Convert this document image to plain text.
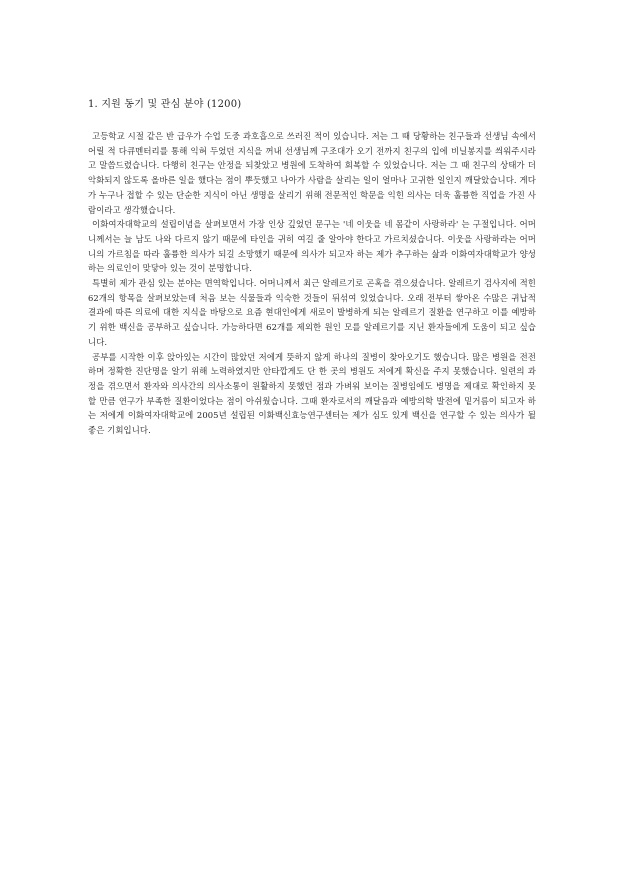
1. 지원 동기 및 관심 분야 (1200)

고등학교 시절 같은 반 급우가 수업 도중 과호흡으로 쓰러진 적이 있습니다. 저는 그 때 당황하는 친구들과 선생님 속에서 어릴 적 다큐멘터리를 통해 익혀 두었던 지식을 꺼내 선생님께 구조대가 오기 전까지 친구의 입에 비닐봉지를 씌워주시라고 말씀드렸습니다. 다행히 친구는 안정을 되찾았고 병원에 도착하여 회복할 수 있었습니다. 저는 그 때 친구의 상태가 더 악화되지 않도록 올바른 일을 했다는 점이 뿌듯했고 나아가 사람을 살리는 일이 얼마나 고귀한 일인지 깨달았습니다. 게다가 누구나 접할 수 있는 단순한 지식이 아닌 생명을 살리기 위해 전문적인 학문을 익힌 의사는 더욱 훌륭한 직업을 가진 사람이라고 생각했습니다.

이화여자대학교의 설립이념을 살펴보면서 가장 인상 깊었던 문구는 '네 이웃을 네 몸같이 사랑하라' 는 구절입니다. 어머니께서는 늘 남도 나와 다르지 않기 때문에 타인을 귀히 여길 줄 알아야 한다고 가르치셨습니다. 이웃을 사랑하라는 어머니의 가르침을 따라 훌륭한 의사가 되길 소망했기 때문에 의사가 되고자 하는 제가 추구하는 삶과 이화여자대학교가 양성하는 의료인이 맞닿아 있는 것이 분명합니다.

특별히 제가 관심 있는 분야는 면역학입니다. 어머니께서 최근 알레르기로 곤혹을 겪으셨습니다. 알레르기 검사지에 적힌 62개의 항목을 살펴보았는데 처음 보는 식물들과 익숙한 것들이 뒤섞여 있었습니다. 오래 전부터 쌓아온 수많은 귀납적 결과에 따른 의료에 대한 지식을 바탕으로 요즘 현대인에게 새로이 발병하게 되는 알레르기 질환을 연구하고 이를 예방하기 위한 백신을 공부하고 싶습니다. 가능하다면 62개를 제외한 원인 모를 알레르기를 지닌 환자들에게 도움이 되고 싶습니다.

공부를 시작한 이후 앉아있는 시간이 많았던 저에게 뜻하지 않게 하나의 질병이 찾아오기도 했습니다. 많은 병원을 전전하며 정확한 진단명을 알기 위해 노력하였지만 안타깝게도 단 한 곳의 병원도 저에게 확신을 주지 못했습니다. 일련의 과정을 겪으면서 환자와 의사간의 의사소통이 원활하지 못했던 점과 가벼워 보이는 질병임에도 병명을 제대로 확인하지 못할 만큼 연구가 부족한 질환이었다는 점이 아쉬웠습니다. 그때 환자로서의 깨달음과 예방의학 발전에 밑거름이 되고자 하는 저에게 이화여자대학교에 2005년 설립된 이화백신효능연구센터는 제가 심도 있게 백신을 연구할 수 있는 의사가 될 좋은 기회입니다.
